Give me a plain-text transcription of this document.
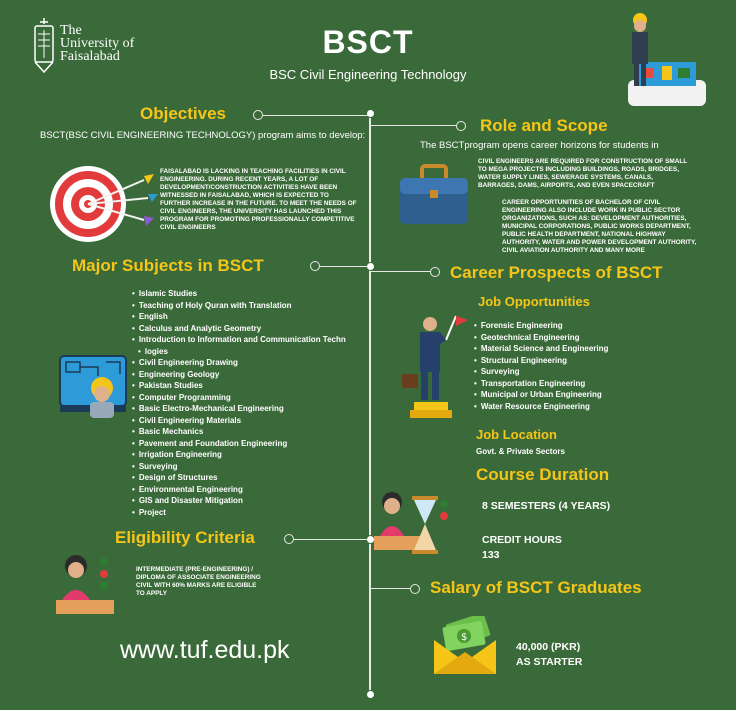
The
University of
Faisalabad	BSCT
BSC Civil Engineering Technology
Objectives
BSCT(BSC CIVIL ENGINEERING TECHNOLOGY) program aims to develop:
FAISALABAD IS LACKING IN TEACHING FACILITIES IN CIVIL ENGINEERING. DURING RECENT YEARS, A LOT OF DEVELOPMENT/CONSTRUCTION ACTIVITIES HAVE BEEN WITNESSED IN FAISALABAD, WHICH IS EXPECTED TO FURTHER INCREASE IN THE FUTURE. TO MEET THE NEEDS OF CIVIL ENGINEERS, THE UNIVERSITY HAS LAUNCHED THIS PROGRAM FOR PROMOTING PROFESSIONALLY COMPETITIVE CIVIL ENGINEERS
Role and Scope
The BSCTprogram opens career horizons for students in
CIVIL ENGINEERS ARE REQUIRED FOR CONSTRUCTION OF SMALL TO MEGA PROJECTS INCLUDING BUILDINGS, ROADS, BRIDGES, WATER SUPPLY LINES, SEWERAGE SYSTEMS, CANALS, BARRAGES, DAMS, AIRPORTS, AND EVEN SPACECRAFT
CAREER OPPORTUNITIES OF BACHELOR OF CIVIL ENGINEERING ALSO INCLUDE WORK IN PUBLIC SECTOR ORGANIZATIONS, SUCH AS: DEVELOPMENT AUTHORITIES, MUNICIPAL CORPORATIONS, PUBLIC WORKS DEPARTMENT, PUBLIC HEALTH DEPARTMENT, NATIONAL HIGHWAY AUTHORITY, WATER AND POWER DEVELOPMENT AUTHORITY, CIVIL AVIATION AUTHORITY AND MANY MORE
Major Subjects in BSCT
• Islamic Studies
• Teaching of Holy Quran with Translation
• English
• Calculus and Analytic Geometry
• Introduction to Information and Communication Techn
• logies
• Civil Engineering Drawing
• Engineering Geology
• Pakistan Studies
• Computer Programming
• Basic Electro-Mechanical Engineering
• Civil Engineering Materials
• Basic Mechanics
• Pavement and Foundation Engineering
• Irrigation Engineering
• Surveying
• Design of Structures
• Environmental Engineering
• GIS and Disaster Mitigation
• Project
Career Prospects of BSCT
Job Opportunities
• Forensic Engineering
• Geotechnical Engineering
• Material Science and Engineering
• Structural Engineering
• Surveying
• Transportation Engineering
• Municipal or Urban Engineering
• Water Resource Engineering
Job Location
Govt. & Private Sectors
Course Duration
8 SEMESTERS (4 YEARS)
CREDIT HOURS
133
Eligibility Criteria
INTERMEDIATE (PRE-ENGINEERING) / DIPLOMA OF ASSOCIATE ENGINEERING CIVIL WITH 60% MARKS ARE ELIGIBLE TO APPLY	Salary of BSCT Graduates
$
40,000 (PKR)
AS STARTER
www.tuf.edu.pk
